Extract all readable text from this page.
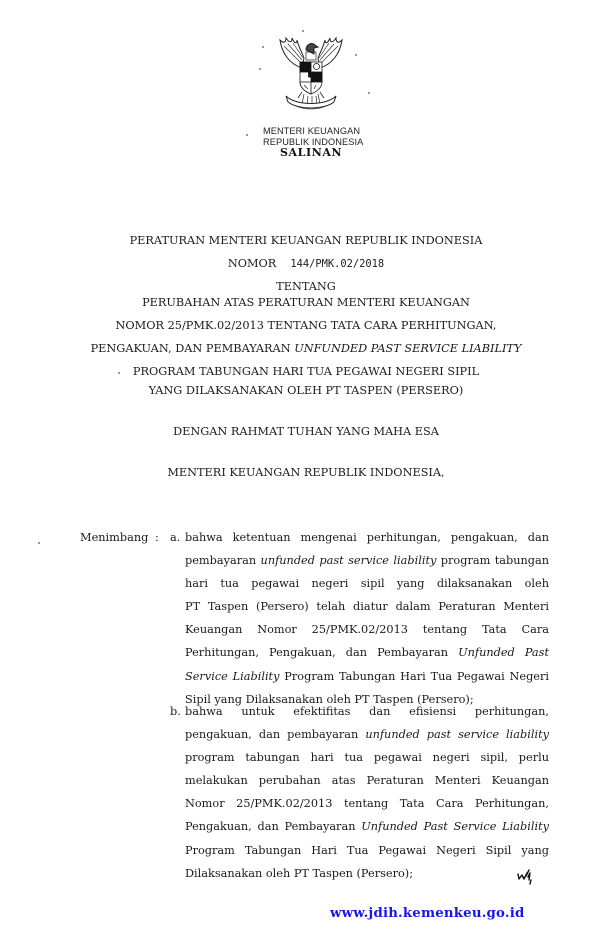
MENTERI KEUANGAN
REPUBLIK INDONESIA
SALINAN
PERATURAN MENTERI KEUANGAN REPUBLIK INDONESIA
NOMOR 144/PMK.02/2018
TENTANG
PERUBAHAN ATAS PERATURAN MENTERI KEUANGAN
NOMOR 25/PMK.02/2013 TENTANG TATA CARA PERHITUNGAN,
PENGAKUAN, DAN PEMBAYARAN UNFUNDED PAST SERVICE LIABILITY
PROGRAM TABUNGAN HARI TUA PEGAWAI NEGERI SIPIL
YANG DILAKSANAKAN OLEH PT TASPEN (PERSERO)
DENGAN RAHMAT TUHAN YANG MAHA ESA
MENTERI KEUANGAN REPUBLIK INDONESIA,
Menimbang : a. bahwa ketentuan mengenai perhitungan, pengakuan, dan
pembayaran unfunded past service liability program tabungan
hari tua pegawai negeri sipil yang dilaksanakan oleh
PT Taspen (Persero) telah diatur dalam Peraturan Menteri
Keuangan Nomor 25/PMK.02/2013 tentang Tata Cara
Perhitungan, Pengakuan, dan Pembayaran Unfunded Past
Service Liability Program Tabungan Hari Tua Pegawai Negeri
Sipil yang Dilaksanakan oleh PT Taspen (Persero);
b. bahwa untuk efektifitas dan efisiensi perhitungan,
pengakuan, dan pembayaran unfunded past service liability
program tabungan hari tua pegawai negeri sipil, perlu
melakukan perubahan atas Peraturan Menteri Keuangan
Nomor 25/PMK.02/2013 tentang Tata Cara Perhitungan,
Pengakuan, dan Pembayaran Unfunded Past Service Liability
Program Tabungan Hari Tua Pegawai Negeri Sipil yang
Dilaksanakan oleh PT Taspen (Persero);
www.jdih.kemenkeu.go.id
